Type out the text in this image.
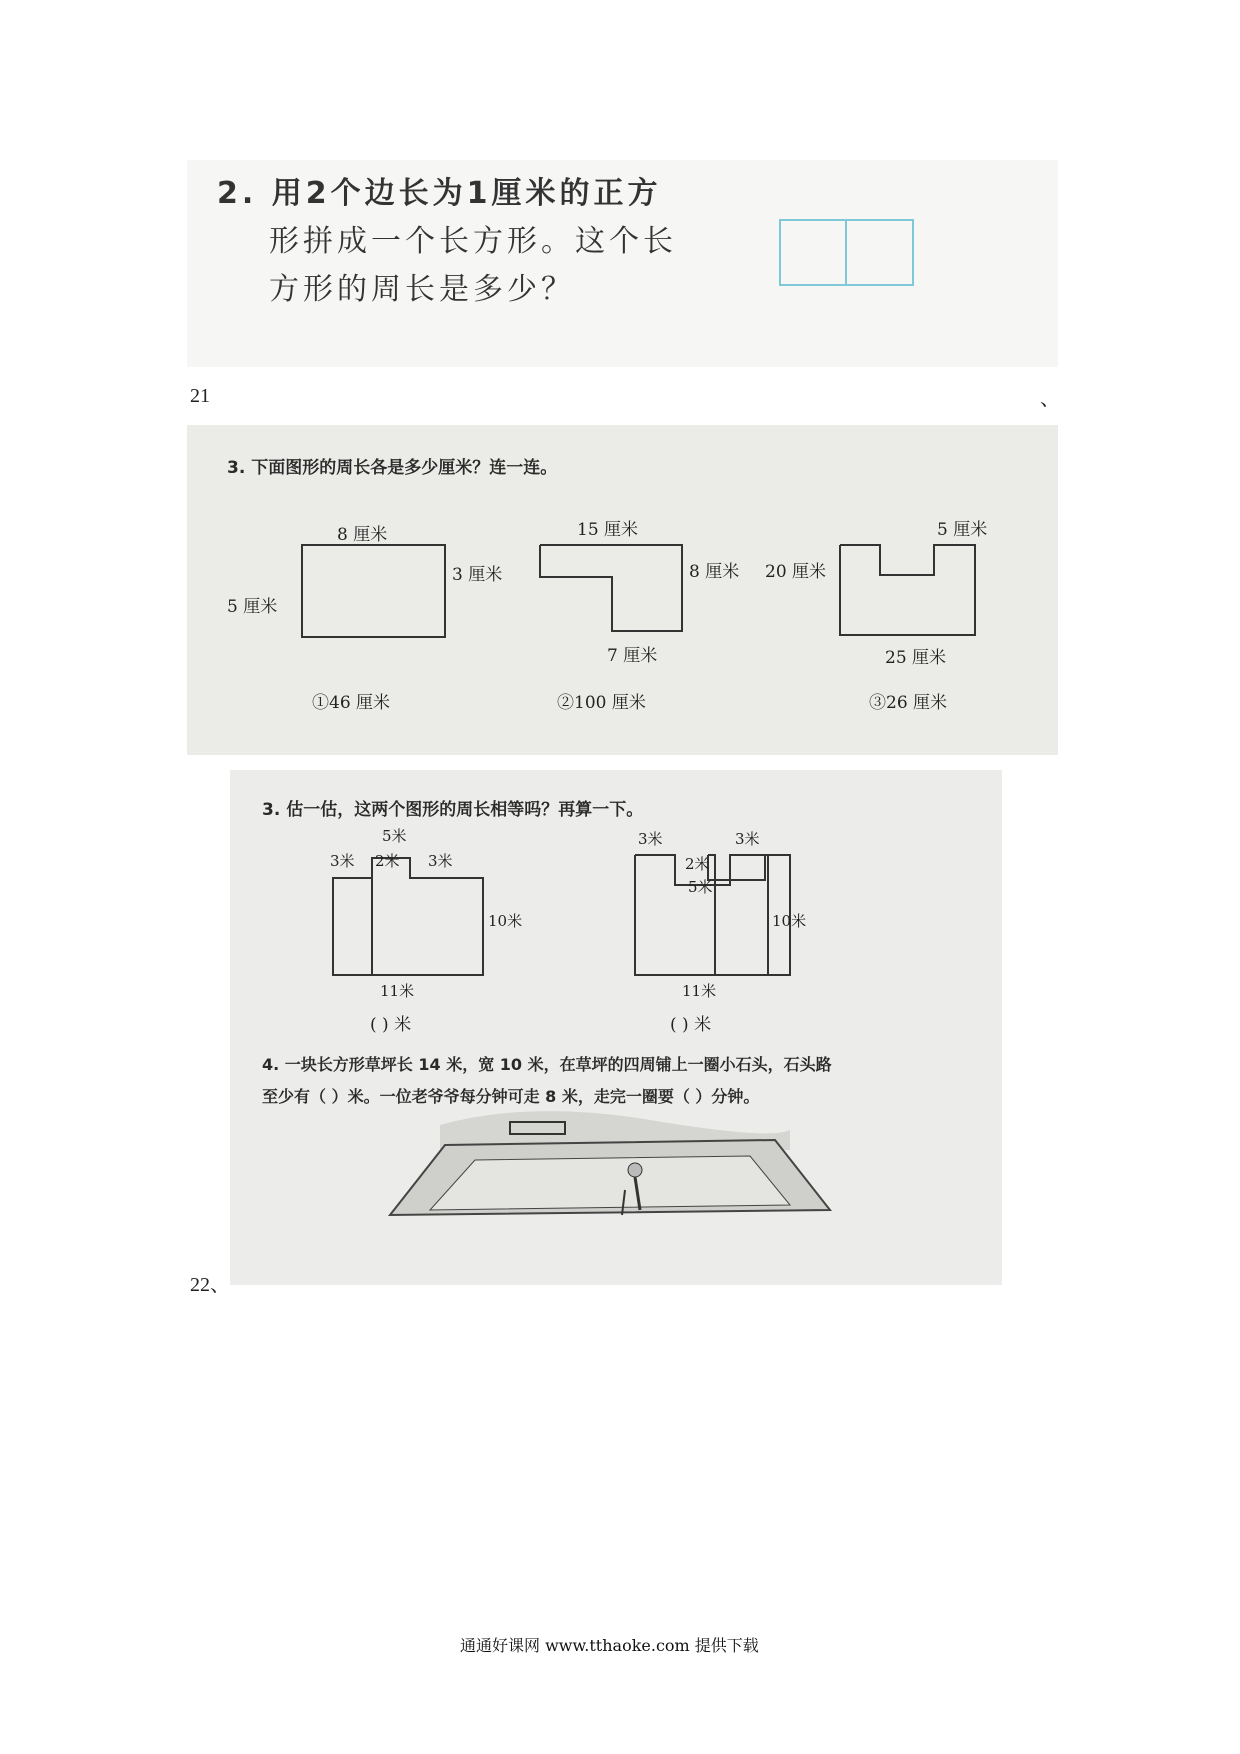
2. 用2个边长为1厘米的正方
形拼成一个长方形。这个长
方形的周长是多少？
21	、
3. 下面图形的周长各是多少厘米？连一连。
8 厘米
3 厘米
5 厘米
15 厘米
8 厘米
7 厘米
5 厘米
20 厘米
25 厘米
①46 厘米	②100 厘米	③26 厘米
3. 估一估，这两个图形的周长相等吗？再算一下。
5米
3米 2米 3米
10米
11米
3米	3米
2米
5米
10米
11米
( ) 米	( ) 米
4. 一块长方形草坪长 14 米，宽 10 米，在草坪的四周铺上一圈小石头，石头路
至少有（ ）米。一位老爷爷每分钟可走 8 米，走完一圈要（ ）分钟。
22、
通通好课网 www.tthaoke.com 提供下载
